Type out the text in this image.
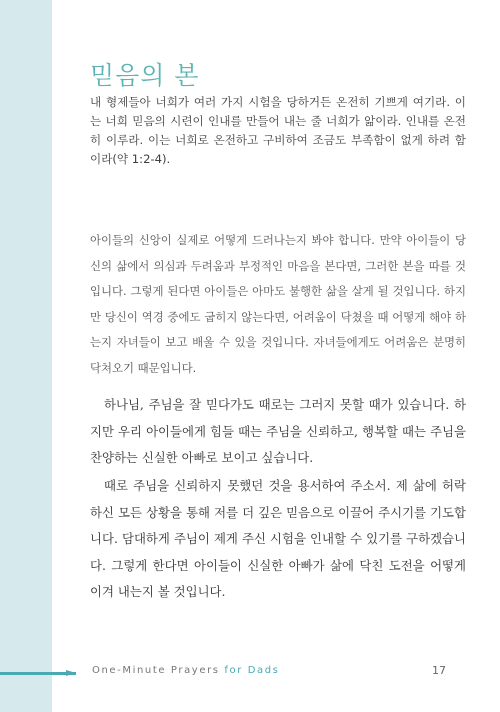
믿음의 본

내 형제들아 너희가 여러 가지 시험을 당하거든 온전히 기쁘게 여기라. 이는 너희 믿음의 시련이 인내를 만들어 내는 줄 너희가 앎이라. 인내를 온전히 이루라. 이는 너희로 온전하고 구비하여 조금도 부족함이 없게 하려 함이라(약 1:2-4).

아이들의 신앙이 실제로 어떻게 드러나는지 봐야 합니다. 만약 아이들이 당신의 삶에서 의심과 두려움과 부정적인 마음을 본다면, 그러한 본을 따를 것입니다. 그렇게 된다면 아이들은 아마도 불행한 삶을 살게 될 것입니다. 하지만 당신이 역경 중에도 굽히지 않는다면, 어려움이 닥쳤을 때 어떻게 해야 하는지 자녀들이 보고 배울 수 있을 것입니다. 자녀들에게도 어려움은 분명히 닥쳐오기 때문입니다.

하나님, 주님을 잘 믿다가도 때로는 그러지 못할 때가 있습니다. 하지만 우리 아이들에게 힘들 때는 주님을 신뢰하고, 행복할 때는 주님을 찬양하는 신실한 아빠로 보이고 싶습니다.

때로 주님을 신뢰하지 못했던 것을 용서하여 주소서. 제 삶에 허락하신 모든 상황을 통해 저를 더 깊은 믿음으로 이끌어 주시기를 기도합니다. 담대하게 주님이 제게 주신 시험을 인내할 수 있기를 구하겠습니다. 그렇게 한다면 아이들이 신실한 아빠가 삶에 닥친 도전을 어떻게 이겨 내는지 볼 것입니다.

One-Minute Prayers for Dads	17
